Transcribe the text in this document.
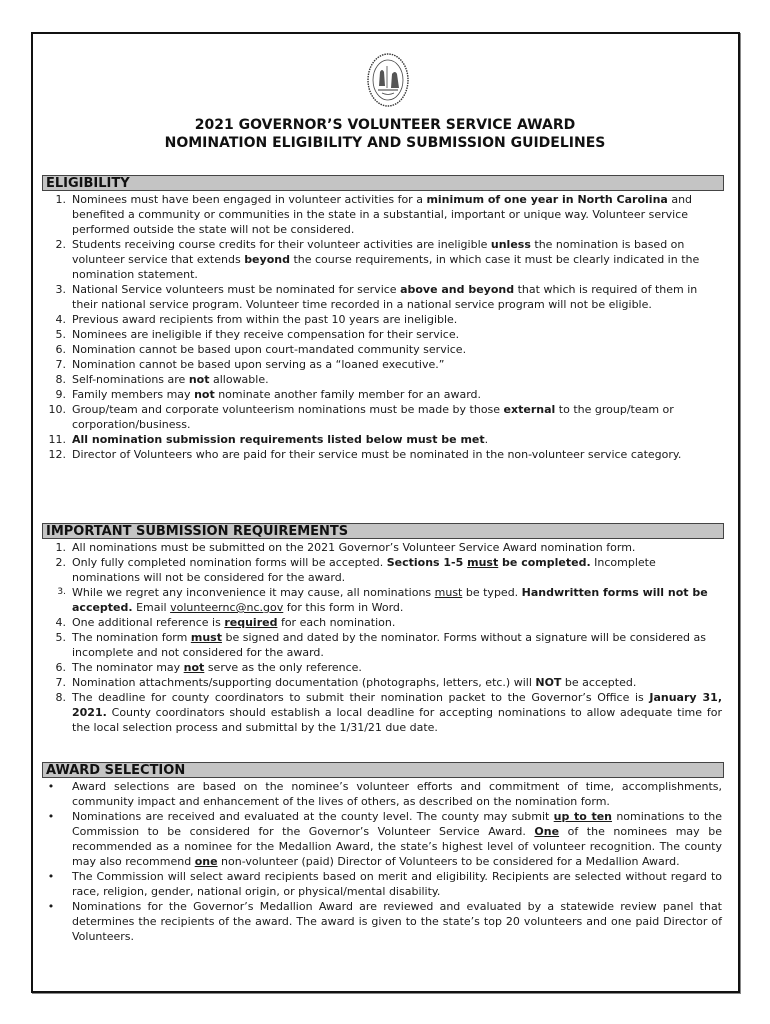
2021 GOVERNOR’S VOLUNTEER SERVICE AWARD
NOMINATION ELIGIBILITY AND SUBMISSION GUIDELINES
ELIGIBILITY
1. Nominees must have been engaged in volunteer activities for a minimum of one year in North Carolina and benefited a community or communities in the state in a substantial, important or unique way. Volunteer service performed outside the state will not be considered.
2. Students receiving course credits for their volunteer activities are ineligible unless the nomination is based on volunteer service that extends beyond the course requirements, in which case it must be clearly indicated in the nomination statement.
3. National Service volunteers must be nominated for service above and beyond that which is required of them in their national service program. Volunteer time recorded in a national service program will not be eligible.
4. Previous award recipients from within the past 10 years are ineligible.
5. Nominees are ineligible if they receive compensation for their service.
6. Nomination cannot be based upon court-mandated community service.
7. Nomination cannot be based upon serving as a “loaned executive.”
8. Self-nominations are not allowable.
9. Family members may not nominate another family member for an award.
10. Group/team and corporate volunteerism nominations must be made by those external to the group/team or corporation/business.
11. All nomination submission requirements listed below must be met.
12. Director of Volunteers who are paid for their service must be nominated in the non-volunteer service category.
IMPORTANT SUBMISSION REQUIREMENTS
1. All nominations must be submitted on the 2021 Governor’s Volunteer Service Award nomination form.
2. Only fully completed nomination forms will be accepted. Sections 1-5 must be completed. Incomplete nominations will not be considered for the award.
3. While we regret any inconvenience it may cause, all nominations must be typed. Handwritten forms will not be accepted. Email volunteernc@nc.gov for this form in Word.
4. One additional reference is required for each nomination.
5. The nomination form must be signed and dated by the nominator. Forms without a signature will be considered as incomplete and not considered for the award.
6. The nominator may not serve as the only reference.
7. Nomination attachments/supporting documentation (photographs, letters, etc.) will NOT be accepted.
8. The deadline for county coordinators to submit their nomination packet to the Governor’s Office is January 31, 2021. County coordinators should establish a local deadline for accepting nominations to allow adequate time for the local selection process and submittal by the 1/31/21 due date.
AWARD SELECTION
• Award selections are based on the nominee’s volunteer efforts and commitment of time, accomplishments, community impact and enhancement of the lives of others, as described on the nomination form.
• Nominations are received and evaluated at the county level. The county may submit up to ten nominations to the Commission to be considered for the Governor’s Volunteer Service Award. One of the nominees may be recommended as a nominee for the Medallion Award, the state’s highest level of volunteer recognition. The county may also recommend one non-volunteer (paid) Director of Volunteers to be considered for a Medallion Award.
• The Commission will select award recipients based on merit and eligibility. Recipients are selected without regard to race, religion, gender, national origin, or physical/mental disability.
• Nominations for the Governor’s Medallion Award are reviewed and evaluated by a statewide review panel that determines the recipients of the award. The award is given to the state’s top 20 volunteers and one paid Director of Volunteers.
